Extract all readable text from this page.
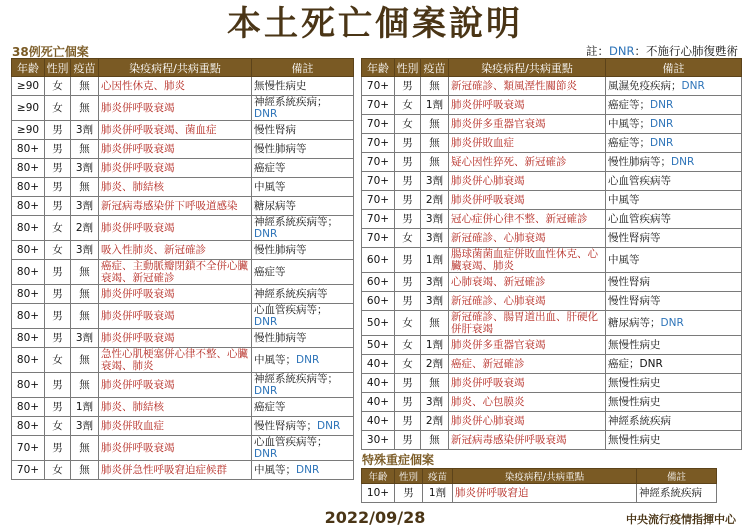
本土死亡個案說明
38例死亡個案	註：DNR：不施行心肺復甦術
年齡	性別	疫苗	染疫病程/共病重點	備註
≥90	女	無	心因性休克、肺炎	無慢性病史
≥90	女	無	肺炎併呼吸衰竭	神經系統疾病；
DNR
≥90	男	3劑	肺炎併呼吸衰竭、菌血症	慢性腎病
80+	男	無	肺炎併呼吸衰竭	慢性肺病等
80+	男	3劑	肺炎併呼吸衰竭	癌症等
80+	男	無	肺炎、肺結核	中風等
80+	男	3劑	新冠病毒感染併下呼吸道感染	糖尿病等
80+	女	2劑	肺炎併呼吸衰竭	神經系統疾病等；
DNR
80+	女	3劑	吸入性肺炎、新冠確診	慢性肺病等
80+	男	無	癌症、主動脈瓣閉鎖不全併心臟衰竭、新冠確診	癌症等
80+	男	無	肺炎併呼吸衰竭	神經系統疾病等
80+	男	無	肺炎併呼吸衰竭	心血管疾病等；
DNR
80+	男	3劑	肺炎併呼吸衰竭	慢性肺病等
80+	女	無	急性心肌梗塞併心律不整、心臟衰竭、肺炎	中風等；DNR
80+	男	無	肺炎併呼吸衰竭	神經系統疾病等；
DNR
80+	男	1劑	肺炎、肺結核	癌症等
80+	女	3劑	肺炎併敗血症	慢性腎病等；DNR
70+	男	無	肺炎併呼吸衰竭	心血管疾病等；
DNR
70+	女	無	肺炎併急性呼吸窘迫症候群	中風等；DNR
年齡	性別	疫苗	染疫病程/共病重點	備註
70+	男	無	新冠確診、類風溼性關節炎	風濕免疫疾病；DNR
70+	女	1劑	肺炎併呼吸衰竭	癌症等；DNR
70+	女	無	肺炎併多重器官衰竭	中風等；DNR
70+	男	無	肺炎併敗血症	癌症等；DNR
70+	男	無	疑心因性猝死、新冠確診	慢性肺病等；DNR
70+	男	3劑	肺炎併心肺衰竭	心血管疾病等
70+	男	2劑	肺炎併呼吸衰竭	中風等
70+	男	3劑	冠心症併心律不整、新冠確診	心血管疾病等
70+	女	3劑	新冠確診、心肺衰竭	慢性腎病等
60+	男	1劑	腸球菌菌血症併敗血性休克、心臟衰竭、肺炎	中風等
60+	男	3劑	心肺衰竭、新冠確診	慢性腎病
60+	男	3劑	新冠確診、心肺衰竭	慢性腎病等
50+	女	無	新冠確診、腸胃道出血、肝硬化併肝衰竭	糖尿病等；DNR
50+	女	1劑	肺炎併多重器官衰竭	無慢性病史
40+	女	2劑	癌症、新冠確診	癌症；DNR
40+	男	無	肺炎併呼吸衰竭	無慢性病史
40+	男	3劑	肺炎、心包膜炎	無慢性病史
40+	男	2劑	肺炎併心肺衰竭	神經系統疾病
30+	男	無	新冠病毒感染併呼吸衰竭	無慢性病史
特殊重症個案
年齡	性別	疫苗	染疫病程/共病重點	備註
10+	男	1劑	肺炎併呼吸窘迫	神經系統疾病
2022/09/28	中央流行疫情指揮中心
